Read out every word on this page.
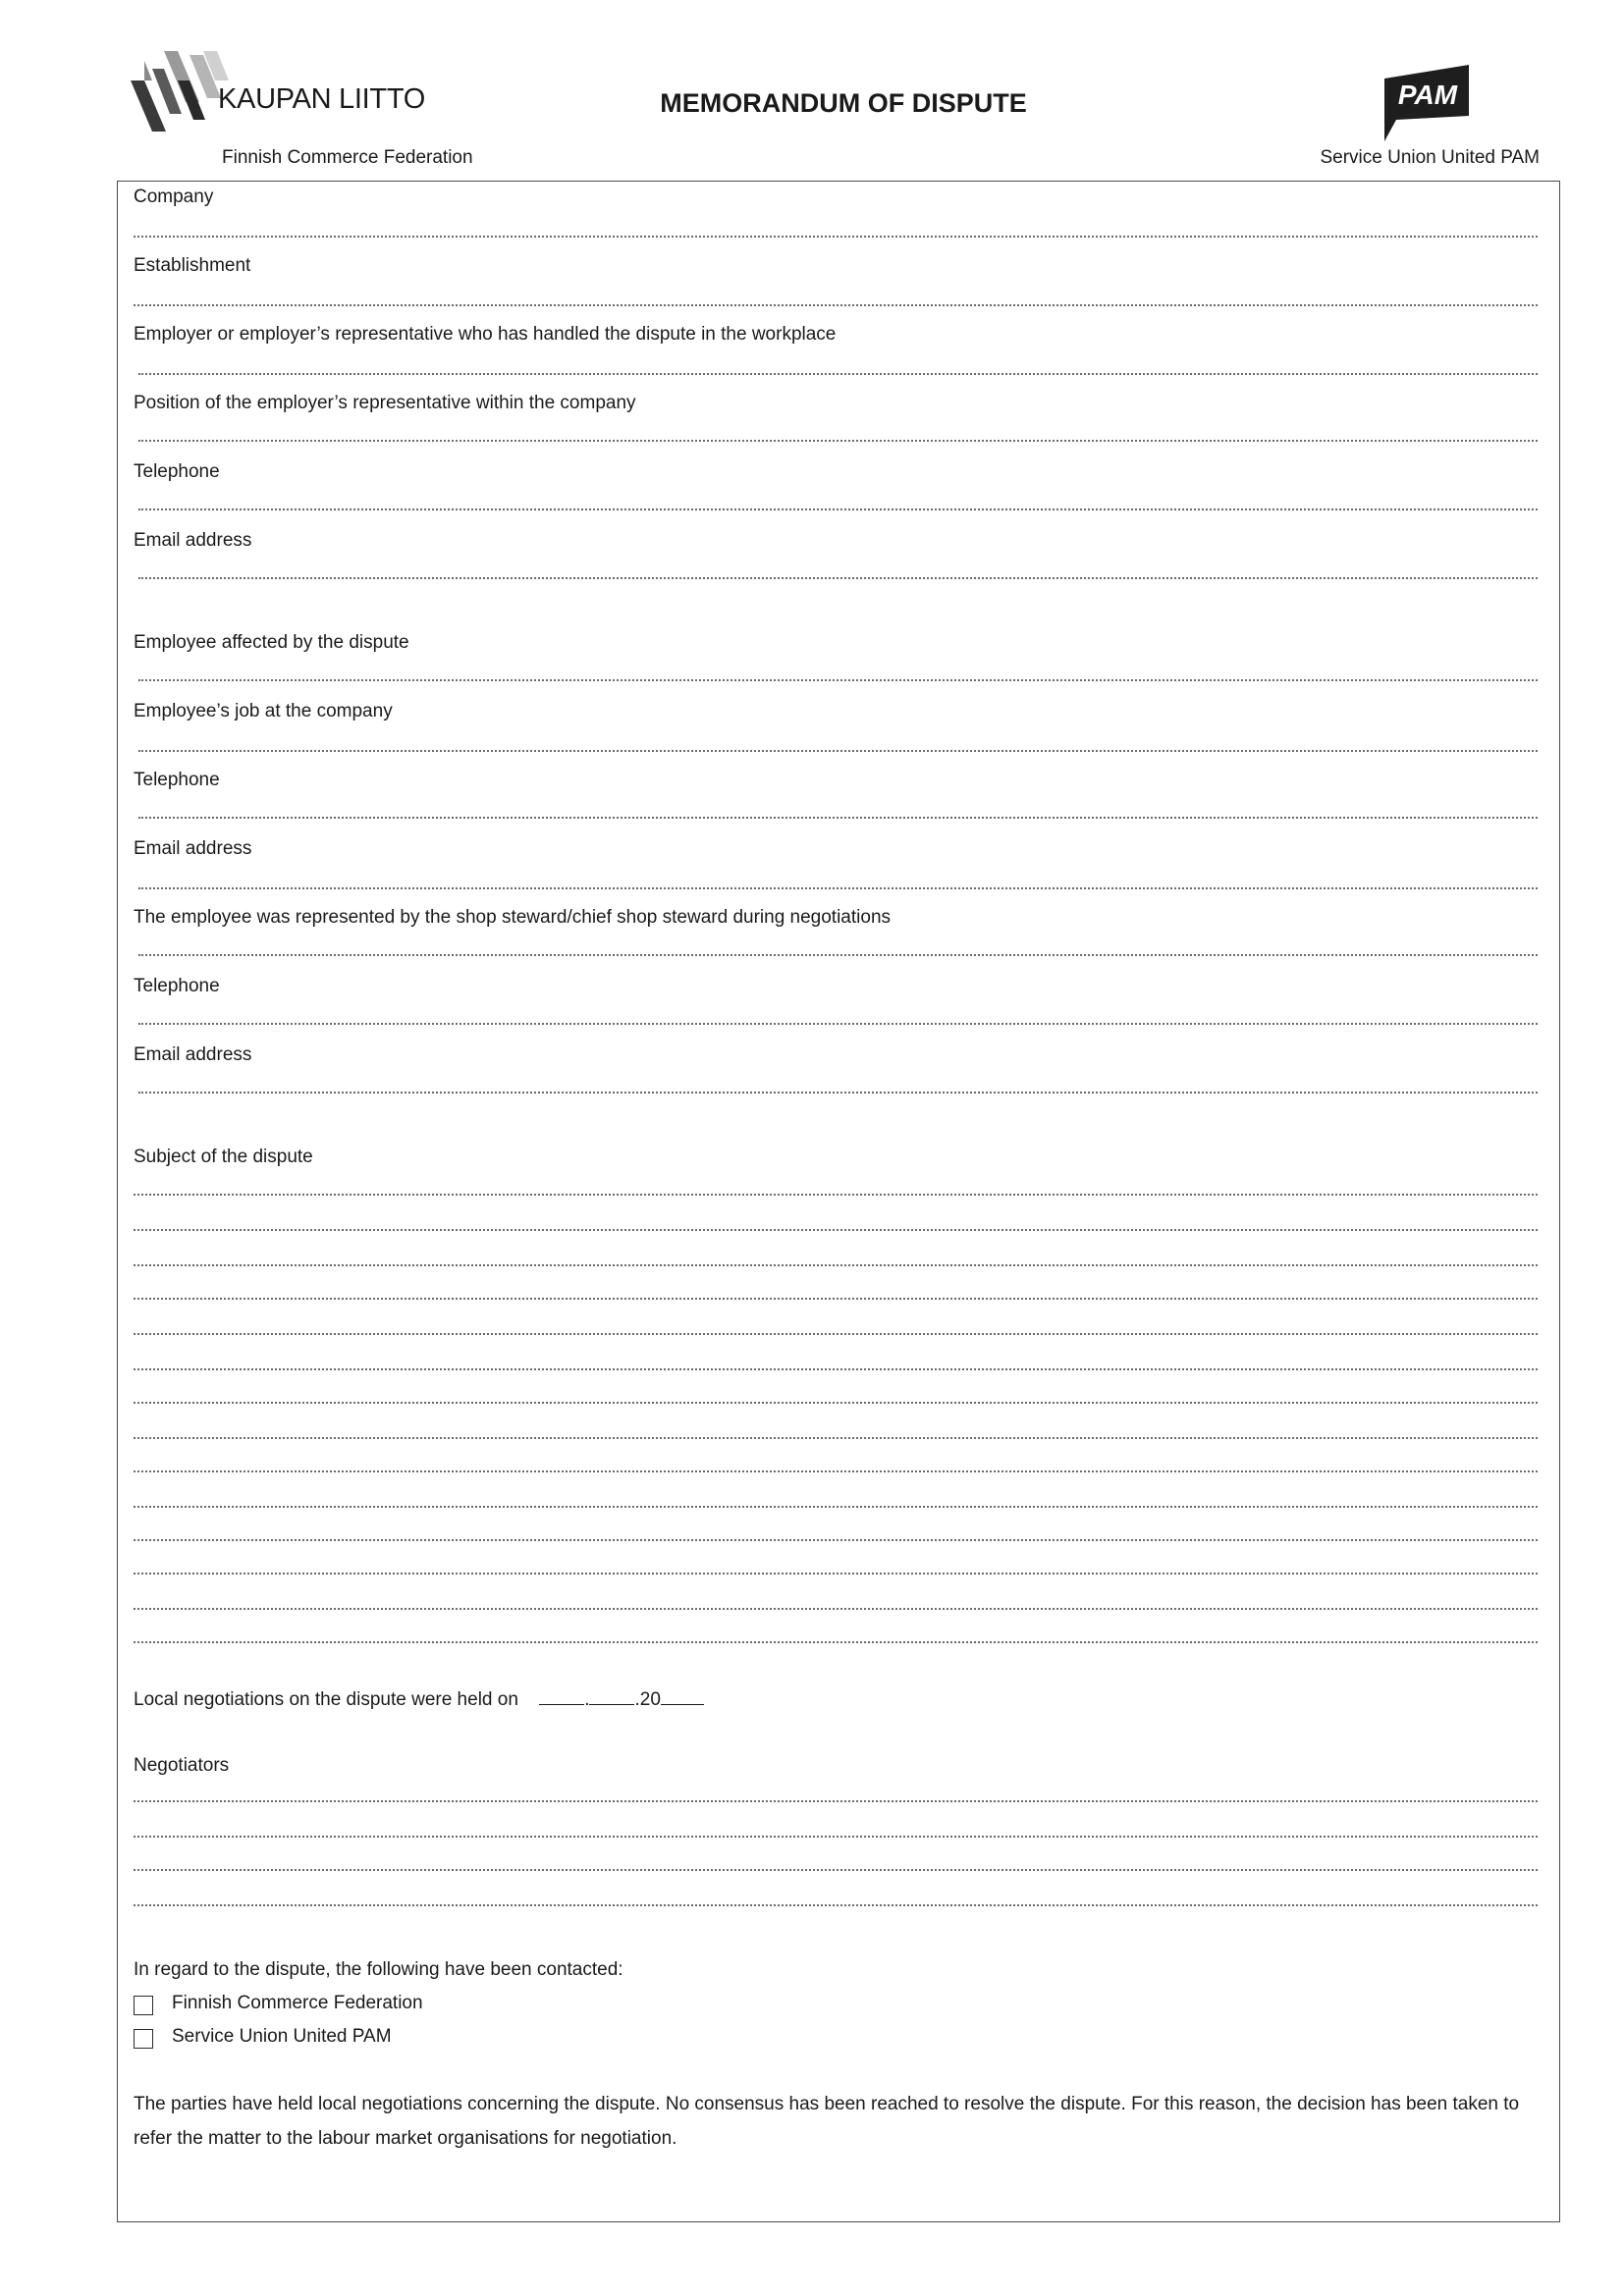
KAUPAN LIITTO
Finnish Commerce Federation
MEMORANDUM OF DISPUTE	PAM
Service Union United PAM
Company
Establishment
Employer or employer’s representative who has handled the dispute in the workplace
Position of the employer’s representative within the company
Telephone
Email address
Employee affected by the dispute
Employee’s job at the company
Telephone
Email address
The employee was represented by the shop steward/chief shop steward during negotiations
Telephone
Email address
Subject of the dispute
Local negotiations on the dispute were held on	. .20
Negotiators
In regard to the dispute, the following have been contacted:
Finnish Commerce Federation
Service Union United PAM
The parties have held local negotiations concerning the dispute. No consensus has been reached to resolve the dispute. For this reason, the decision has been taken to refer the matter to the labour market organisations for negotiation.
